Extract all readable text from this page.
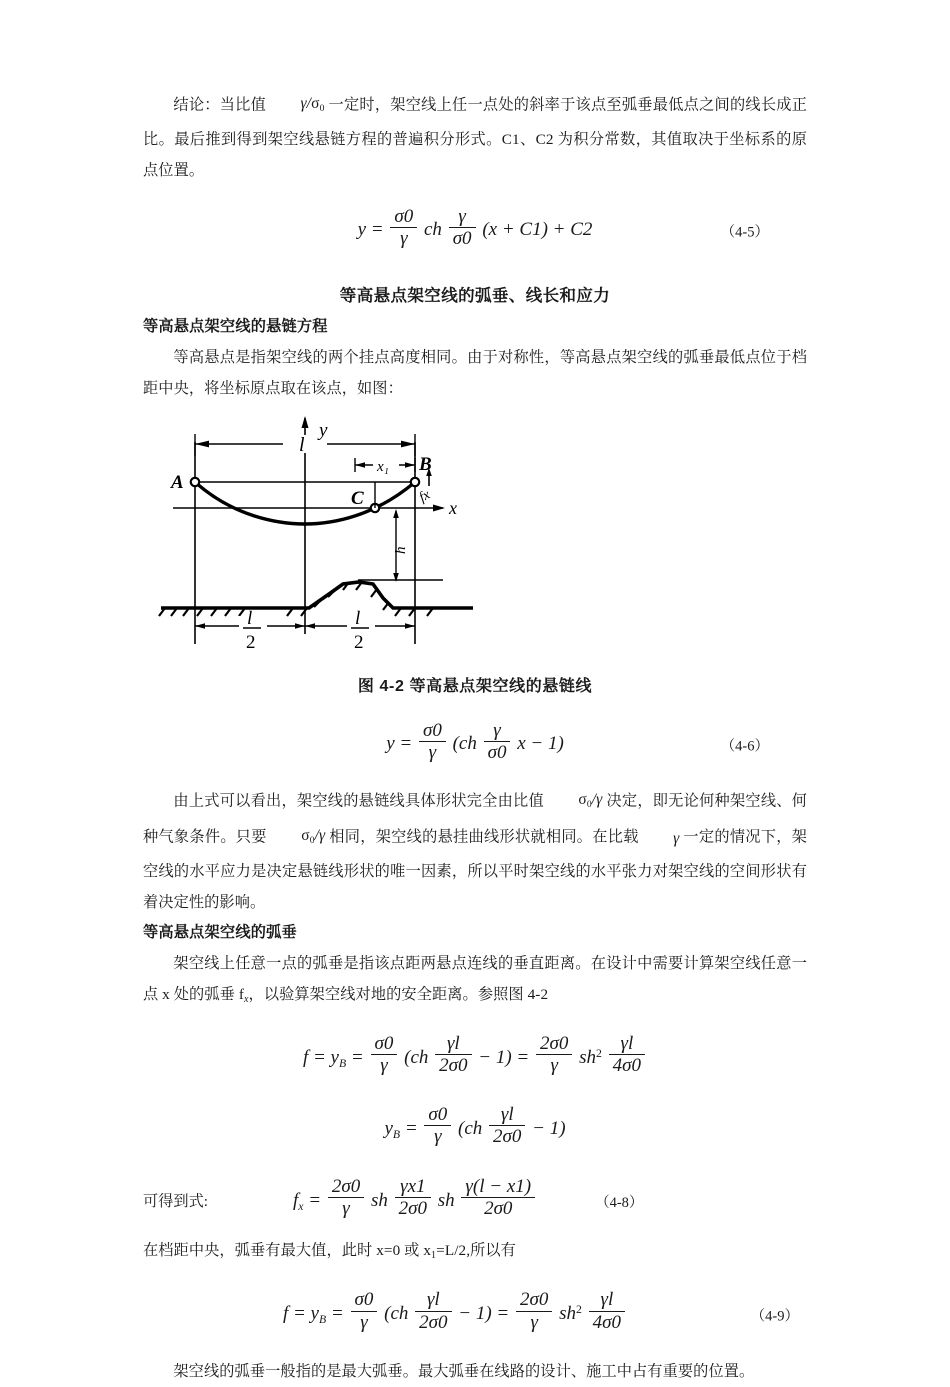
结论：当比值 $\gamma/\sigma_0$ 一定时，架空线上任一点处的斜率于该点至弧垂最低点之间的线长成正比。最后推到得到架空线悬链方程的普遍积分形式。C1、C2 为积分常数，其值取决于坐标系的原点位置。

$y = \frac{\sigma 0}{\gamma}$ ch $\frac{\gamma}{\sigma 0} (x + C1) + C2$	（4-5）
等高悬点架空线的弧垂、线长和应力
等高悬点架空线的悬链方程

等高悬点是指架空线的两个挂点高度相同。由于对称性，等高悬点架空线的弧垂最低点位于档距中央，将坐标原点取在该点，如图：

y
x
A
B
C
l
x₁
fx
h
l
2
l
2
图 4-2 等高悬点架空线的悬链线
$y = \frac{\sigma 0}{\gamma} (ch \frac{\gamma}{\sigma 0}$ x − 1)	（4-6）

由上式可以看出，架空线的悬链线具体形状完全由比值 $\sigma_0/\gamma$ 决定，即无论何种架空线、何种气象条件。只要 $\sigma_0/\gamma$ 相同，架空线的悬挂曲线形状就相同。在比载 γ 一定的情况下，架空线的水平应力是决定悬链线形状的唯一因素，所以平时架空线的水平张力对架空线的空间形状有着决定性的影响。

等高悬点架空线的弧垂

架空线上任意一点的弧垂是指该点距两悬点连线的垂直距离。在设计中需要计算架空线任意一点 x 处的弧垂 $f_x$，以验算架空线对地的安全距离。参照图 4-2

$f = y_B = \frac{\sigma 0}{\gamma} (ch \frac{\gamma l}{2\sigma 0} - 1) = \frac{2\sigma 0}{\gamma} sh^2 \frac{\gamma l}{4\sigma 0}$
$y_B = \frac{\sigma 0}{\gamma} (ch \frac{\gamma l}{2\sigma 0} - 1)$
可得到式:	$f_x = \frac{2\sigma 0}{\gamma}$ sh $\frac{\gamma x1}{2\sigma 0}$ sh $\frac{\gamma(l - x1)}{2\sigma 0}$	（4-8）

在档距中央，弧垂有最大值，此时 x=0 或 $x_1=L/2$,所以有

$f = y_B = \frac{\sigma 0}{\gamma} (ch \frac{\gamma l}{2\sigma 0} - 1) = \frac{2\sigma 0}{\gamma} sh^2 \frac{\gamma l}{4\sigma 0}$	（4-9）

架空线的弧垂一般指的是最大弧垂。最大弧垂在线路的设计、施工中占有重要的位置。
